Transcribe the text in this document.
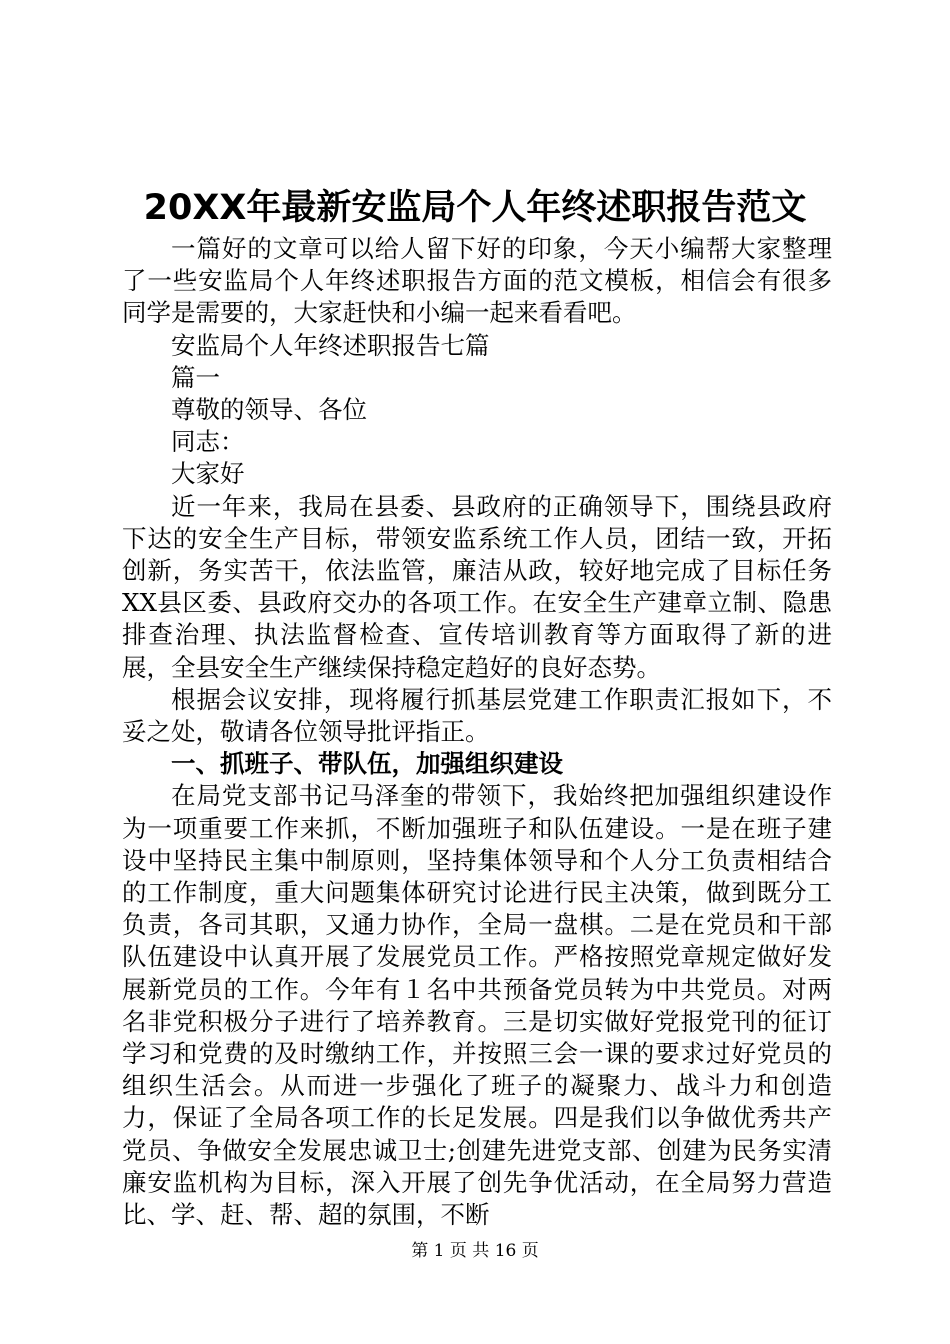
20XX年最新安监局个人年终述职报告范文

一篇好的文章可以给人留下好的印象，今天小编帮大家整理了一些安监局个人年终述职报告方面的范文模板，相信会有很多同学是需要的，大家赶快和小编一起来看看吧。

安监局个人年终述职报告七篇

篇一

尊敬的领导、各位

同志：

大家好

近一年来，我局在县委、县政府的正确领导下，围绕县政府下达的安全生产目标，带领安监系统工作人员，团结一致，开拓创新，务实苦干，依法监管，廉洁从政，较好地完成了目标任务XX县区委、县政府交办的各项工作。在安全生产建章立制、隐患排查治理、执法监督检查、宣传培训教育等方面取得了新的进展，全县安全生产继续保持稳定趋好的良好态势。

根据会议安排，现将履行抓基层党建工作职责汇报如下，不妥之处，敬请各位领导批评指正。

一、抓班子、带队伍，加强组织建设

在局党支部书记马泽奎的带领下，我始终把加强组织建设作为一项重要工作来抓，不断加强班子和队伍建设。一是在班子建设中坚持民主集中制原则，坚持集体领导和个人分工负责相结合的工作制度，重大问题集体研究讨论进行民主决策，做到既分工负责，各司其职，又通力协作，全局一盘棋。二是在党员和干部队伍建设中认真开展了发展党员工作。严格按照党章规定做好发展新党员的工作。今年有１名中共预备党员转为中共党员。对两名非党积极分子进行了培养教育。三是切实做好党报党刊的征订学习和党费的及时缴纳工作，并按照三会一课的要求过好党员的组织生活会。从而进一步强化了班子的凝聚力、战斗力和创造力，保证了全局各项工作的长足发展。四是我们以争做优秀共产党员、争做安全发展忠诚卫士;创建先进党支部、创建为民务实清廉安监机构为目标，深入开展了创先争优活动，在全局努力营造比、学、赶、帮、超的氛围，不断

第 1 页 共 16 页
